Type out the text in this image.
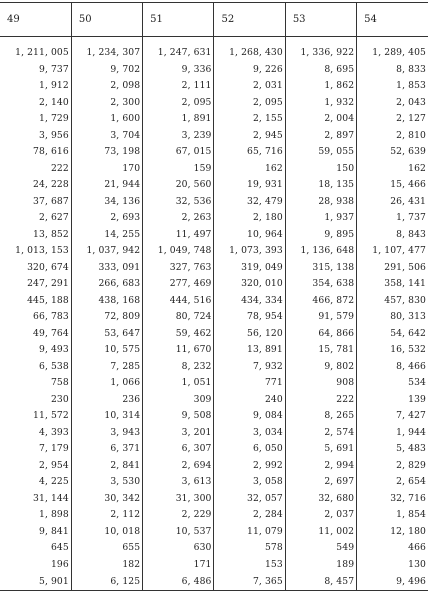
49	50	51	52	53	54
1, 211, 005	1, 234, 307	1, 247, 631	1, 268, 430	1, 336, 922	1, 289, 405
9, 737	9, 702	9, 336	9, 226	8, 695	8, 833
1, 912	2, 098	2, 111	2, 031	1, 862	1, 853
2, 140	2, 300	2, 095	2, 095	1, 932	2, 043
1, 729	1, 600	1, 891	2, 155	2, 004	2, 127
3, 956	3, 704	3, 239	2, 945	2, 897	2, 810
78, 616	73, 198	67, 015	65, 716	59, 055	52, 639
222	170	159	162	150	162
24, 228	21, 944	20, 560	19, 931	18, 135	15, 466
37, 687	34, 136	32, 536	32, 479	28, 938	26, 431
2, 627	2, 693	2, 263	2, 180	1, 937	1, 737
13, 852	14, 255	11, 497	10, 964	9, 895	8, 843
1, 013, 153	1, 037, 942	1, 049, 748	1, 073, 393	1, 136, 648	1, 107, 477
320, 674	333, 091	327, 763	319, 049	315, 138	291, 506
247, 291	266, 683	277, 469	320, 010	354, 638	358, 141
445, 188	438, 168	444, 516	434, 334	466, 872	457, 830
66, 783	72, 809	80, 724	78, 954	91, 579	80, 313
49, 764	53, 647	59, 462	56, 120	64, 866	54, 642
9, 493	10, 575	11, 670	13, 891	15, 781	16, 532
6, 538	7, 285	8, 232	7, 932	9, 802	8, 466
758	1, 066	1, 051	771	908	534
230	236	309	240	222	139
11, 572	10, 314	9, 508	9, 084	8, 265	7, 427
4, 393	3, 943	3, 201	3, 034	2, 574	1, 944
7, 179	6, 371	6, 307	6, 050	5, 691	5, 483
2, 954	2, 841	2, 694	2, 992	2, 994	2, 829
4, 225	3, 530	3, 613	3, 058	2, 697	2, 654
31, 144	30, 342	31, 300	32, 057	32, 680	32, 716
1, 898	2, 112	2, 229	2, 284	2, 037	1, 854
9, 841	10, 018	10, 537	11, 079	11, 002	12, 180
645	655	630	578	549	466
196	182	171	153	189	130
5, 901	6, 125	6, 486	7, 365	8, 457	9, 496
